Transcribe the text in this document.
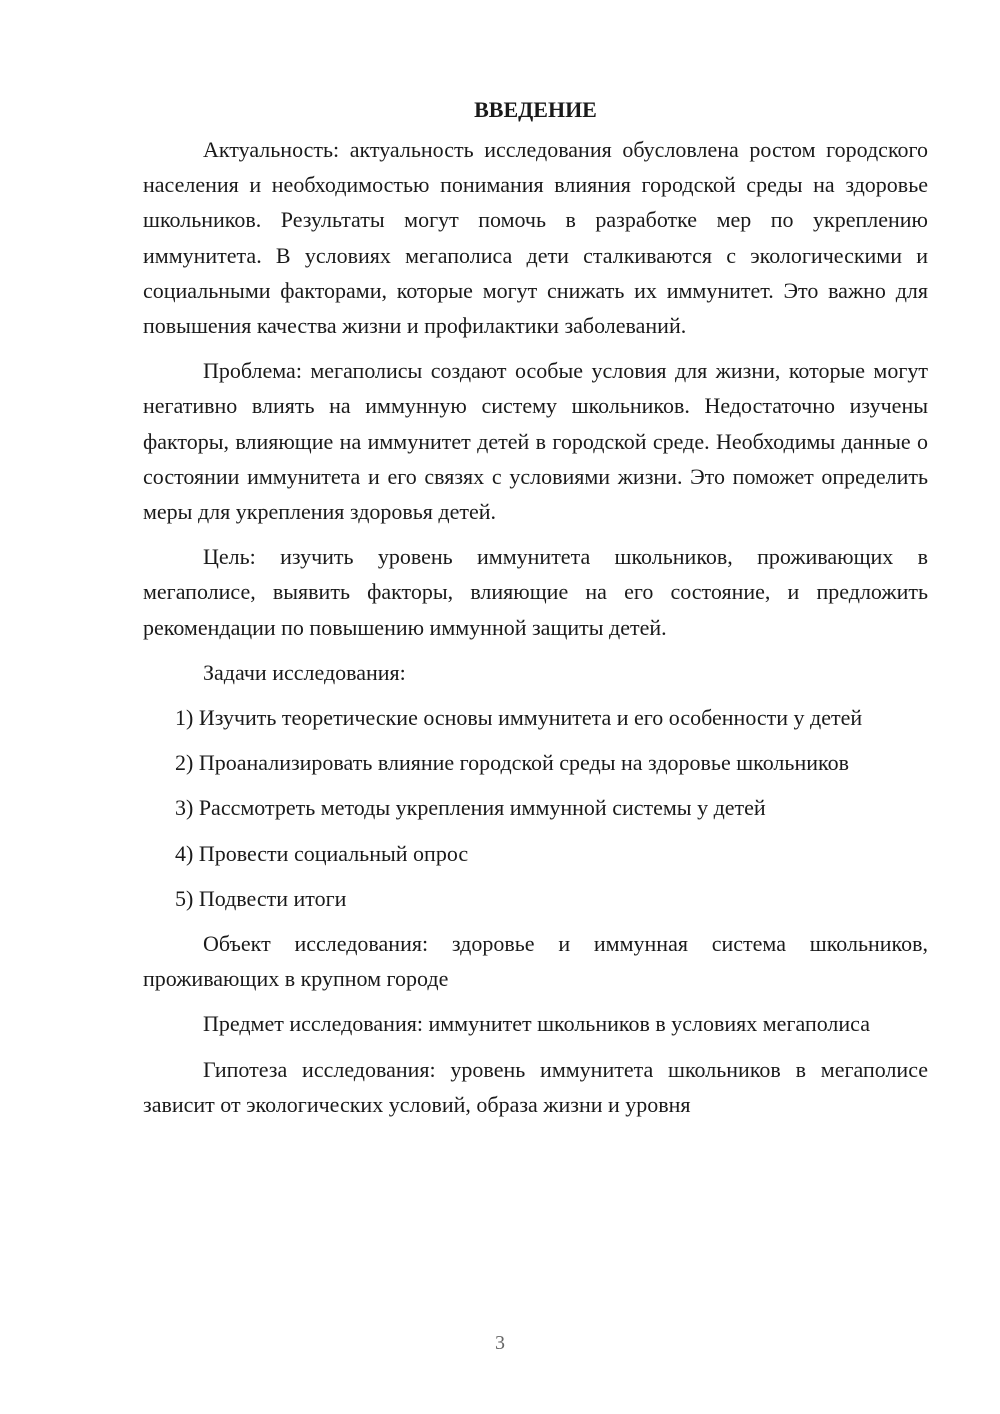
ВВЕДЕНИЕ

Актуальность: актуальность исследования обусловлена ростом городского населения и необходимостью понимания влияния городской среды на здоровье школьников. Результаты могут помочь в разработке мер по укреплению иммунитета. В условиях мегаполиса дети сталкиваются с экологическими и социальными факторами, которые могут снижать их иммунитет. Это важно для повышения качества жизни и профилактики заболеваний.

Проблема: мегаполисы создают особые условия для жизни, которые могут негативно влиять на иммунную систему школьников. Недостаточно изучены факторы, влияющие на иммунитет детей в городской среде. Необходимы данные о состоянии иммунитета и его связях с условиями жизни. Это поможет определить меры для укрепления здоровья детей.

Цель: изучить уровень иммунитета школьников, проживающих в мегаполисе, выявить факторы, влияющие на его состояние, и предложить рекомендации по повышению иммунной защиты детей.

Задачи исследования:

1) Изучить теоретические основы иммунитета и его особенности у детей

2) Проанализировать влияние городской среды на здоровье школьников

3) Рассмотреть методы укрепления иммунной системы у детей

4) Провести социальный опрос

5) Подвести итоги

Объект исследования: здоровье и иммунная система школьников, проживающих в крупном городе

Предмет исследования: иммунитет школьников в условиях мегаполиса

Гипотеза исследования: уровень иммунитета школьников в мегаполисе зависит от экологических условий, образа жизни и уровня

3
